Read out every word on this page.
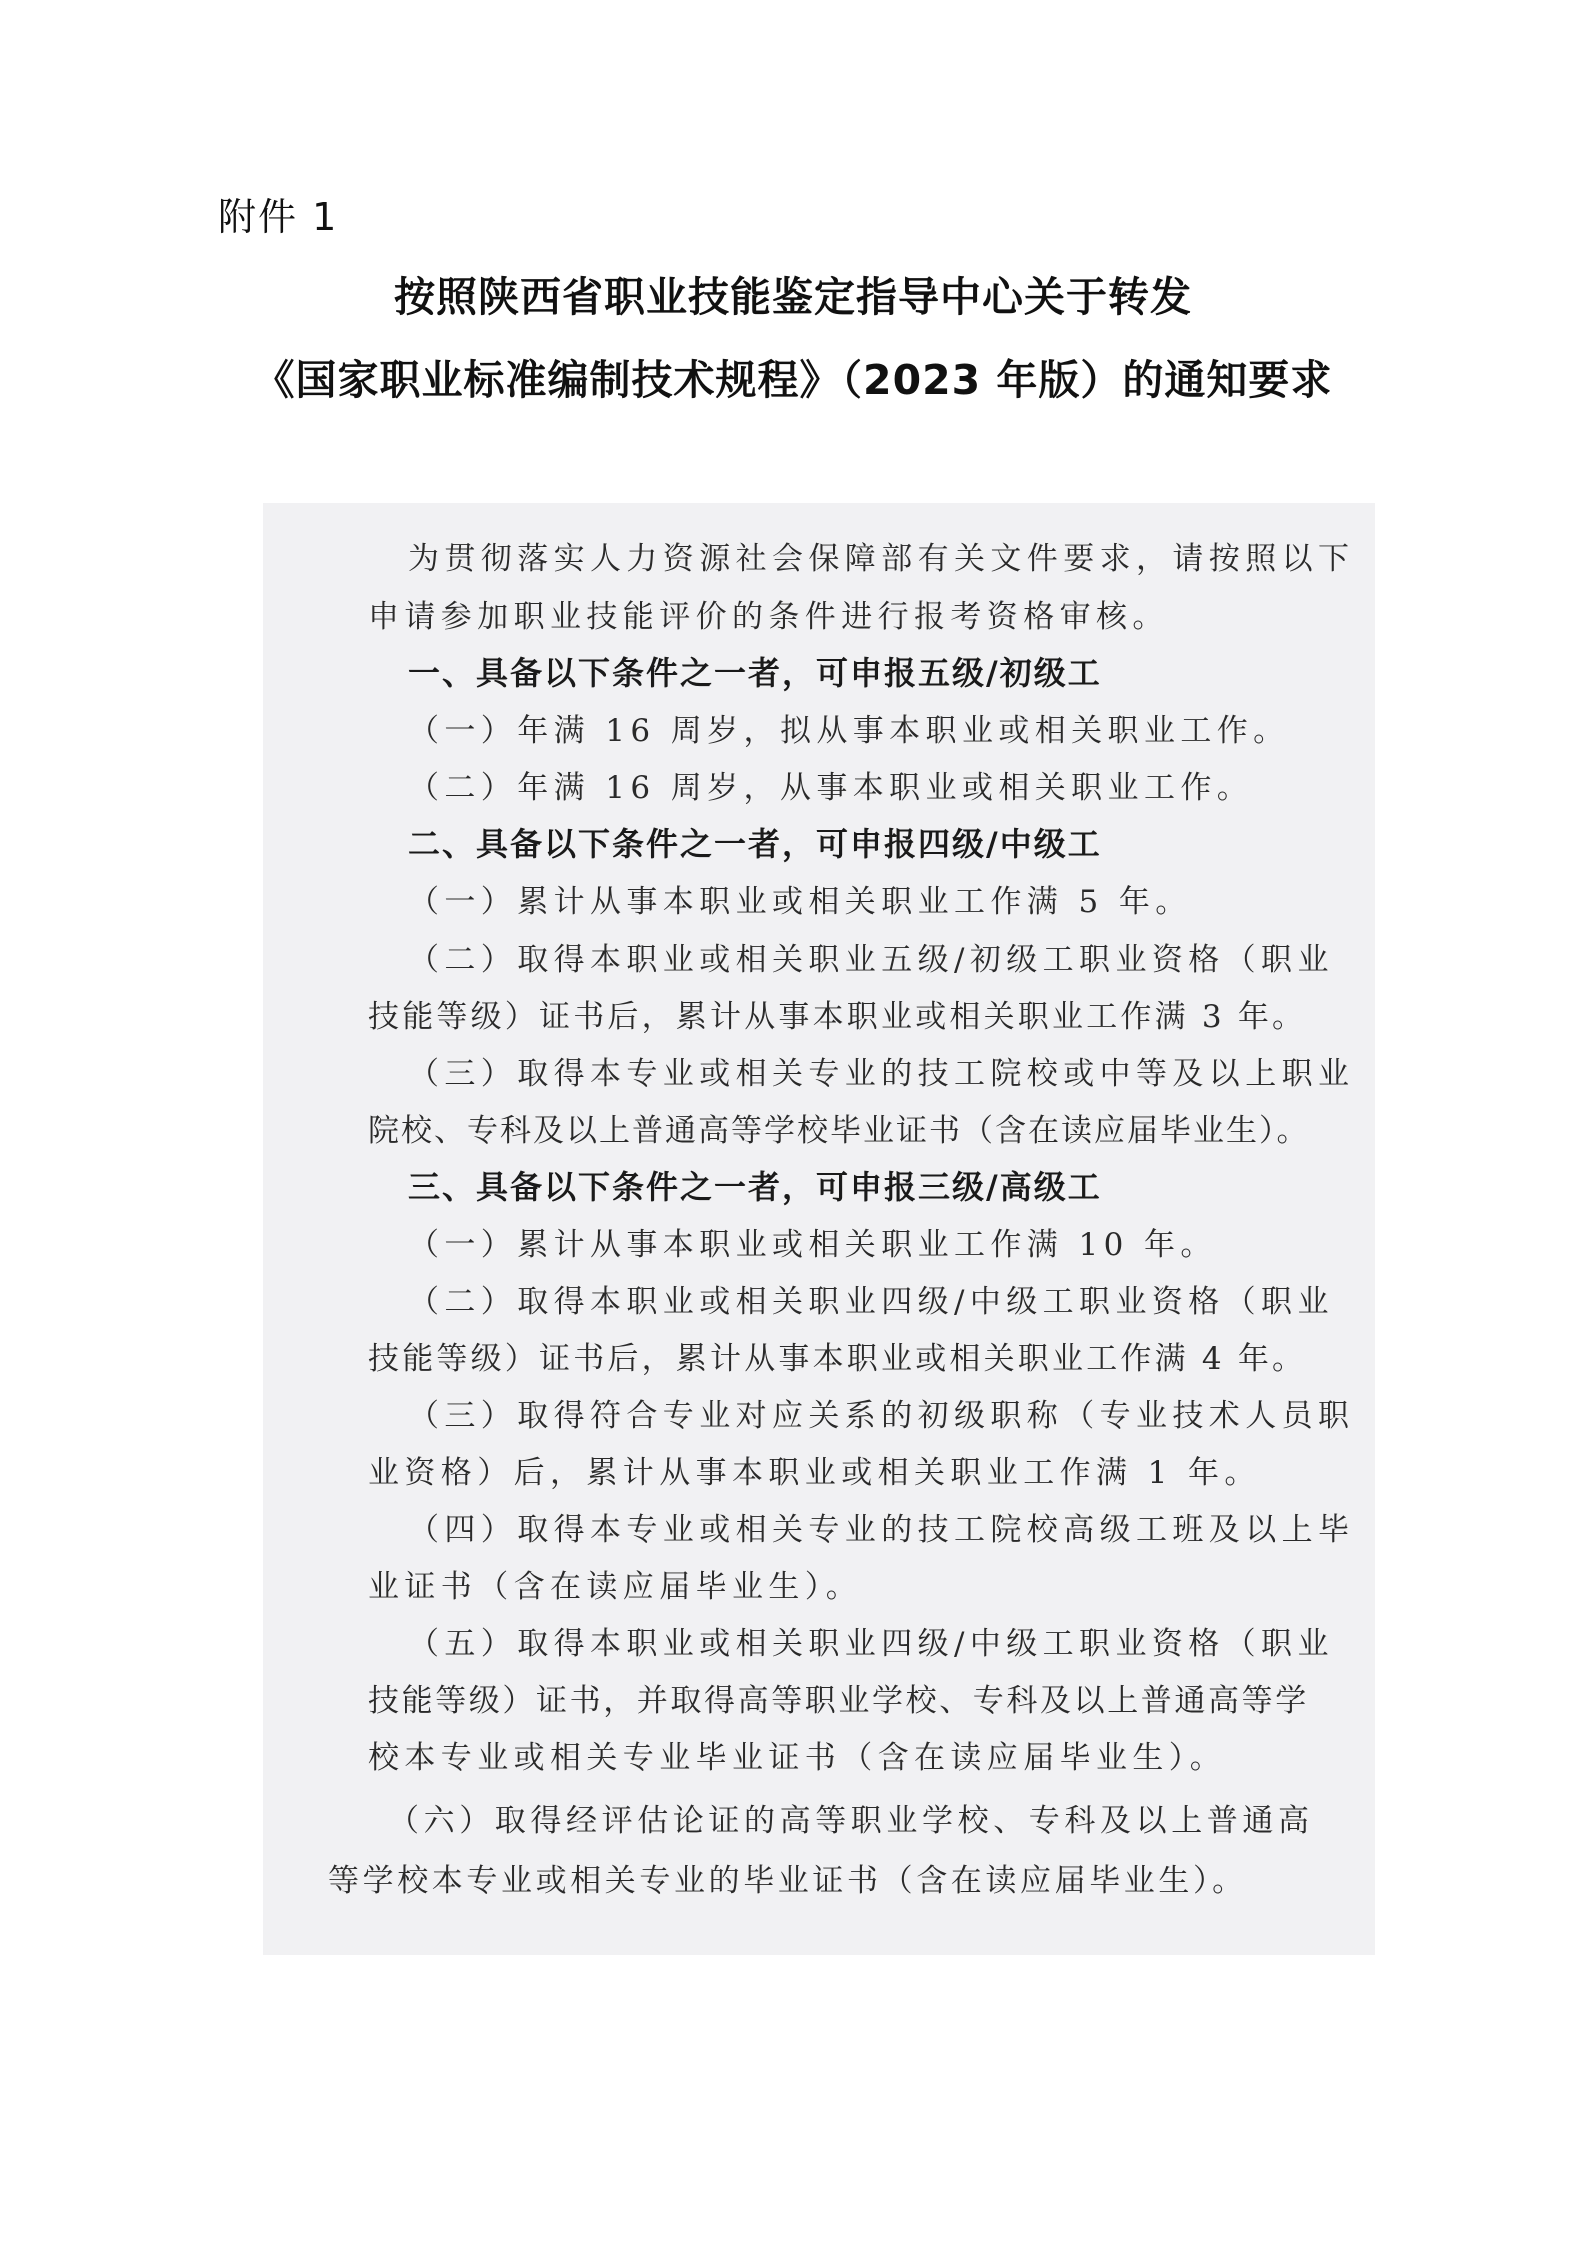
附件 1
按照陕西省职业技能鉴定指导中心关于转发
《国家职业标准编制技术规程》（2023 年版）的通知要求
为贯彻落实人力资源社会保障部有关文件要求，请按照以下
申请参加职业技能评价的条件进行报考资格审核。
一、具备以下条件之一者，可申报五级/初级工
（一）年满 16 周岁，拟从事本职业或相关职业工作。
（二）年满 16 周岁，从事本职业或相关职业工作。
二、具备以下条件之一者，可申报四级/中级工
（一）累计从事本职业或相关职业工作满 5 年。
（二）取得本职业或相关职业五级/初级工职业资格（职业
技能等级）证书后，累计从事本职业或相关职业工作满 3 年。
（三）取得本专业或相关专业的技工院校或中等及以上职业
院校、专科及以上普通高等学校毕业证书（含在读应届毕业生）。
三、具备以下条件之一者，可申报三级/高级工
（一）累计从事本职业或相关职业工作满 10 年。
（二）取得本职业或相关职业四级/中级工职业资格（职业
技能等级）证书后，累计从事本职业或相关职业工作满 4 年。
（三）取得符合专业对应关系的初级职称（专业技术人员职
业资格）后，累计从事本职业或相关职业工作满 1 年。
（四）取得本专业或相关专业的技工院校高级工班及以上毕
业证书（含在读应届毕业生）。
（五）取得本职业或相关职业四级/中级工职业资格（职业
技能等级）证书，并取得高等职业学校、专科及以上普通高等学
校本专业或相关专业毕业证书（含在读应届毕业生）。
（六）取得经评估论证的高等职业学校、专科及以上普通高
等学校本专业或相关专业的毕业证书（含在读应届毕业生）。
